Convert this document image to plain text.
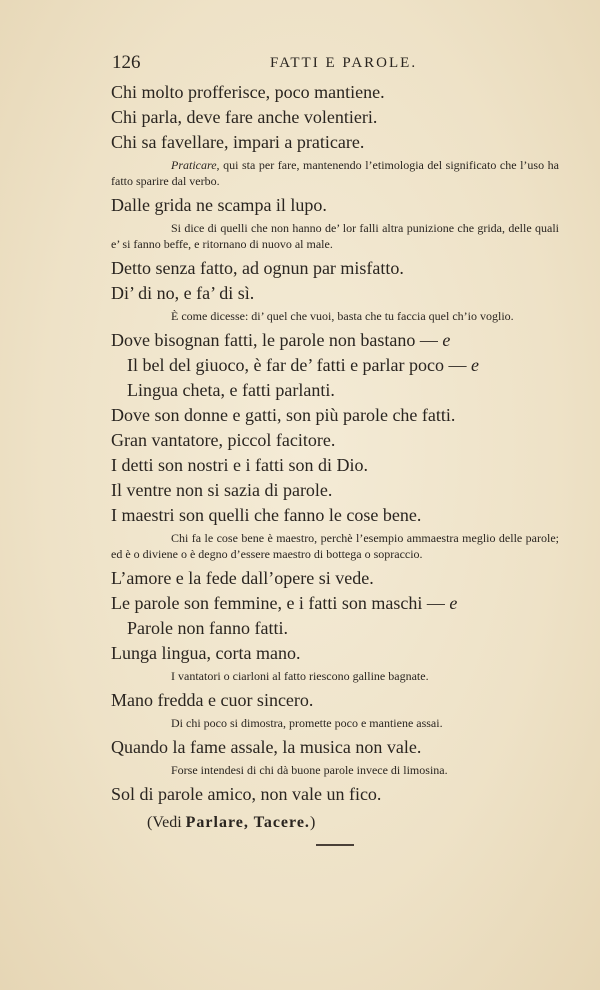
126	FATTI E PAROLE.
Chi molto profferisce, poco mantiene.
Chi parla, deve fare anche volentieri.
Chi sa favellare, impari a praticare.
Praticare, qui sta per fare, mantenendo l’etimologia del significato che l’uso ha fatto sparire dal verbo.
Dalle grida ne scampa il lupo.
Si dice di quelli che non hanno de’ lor falli altra punizione che grida, delle quali e’ si fanno beffe, e ritornano di nuovo al male.
Detto senza fatto, ad ognun par misfatto.
Di’ di no, e fa’ di sì.
È come dicesse: di’ quel che vuoi, basta che tu faccia quel ch’io voglio.
Dove bisognan fatti, le parole non bastano — e
Il bel del giuoco, è far de’ fatti e parlar poco — e
Lingua cheta, e fatti parlanti.
Dove son donne e gatti, son più parole che fatti.
Gran vantatore, piccol facitore.
I detti son nostri e i fatti son di Dio.
Il ventre non si sazia di parole.
I maestri son quelli che fanno le cose bene.
Chi fa le cose bene è maestro, perchè l’esempio ammaestra meglio delle parole; ed è o diviene o è degno d’essere maestro di bottega o sopraccio.
L’amore e la fede dall’opere si vede.
Le parole son femmine, e i fatti son maschi — e
Parole non fanno fatti.
Lunga lingua, corta mano.
I vantatori o ciarloni al fatto riescono galline bagnate.
Mano fredda e cuor sincero.
Di chi poco si dimostra, promette poco e mantiene assai.
Quando la fame assale, la musica non vale.
Forse intendesi di chi dà buone parole invece di limosina.
Sol di parole amico, non vale un fico.
(Vedi Parlare, Tacere.)
